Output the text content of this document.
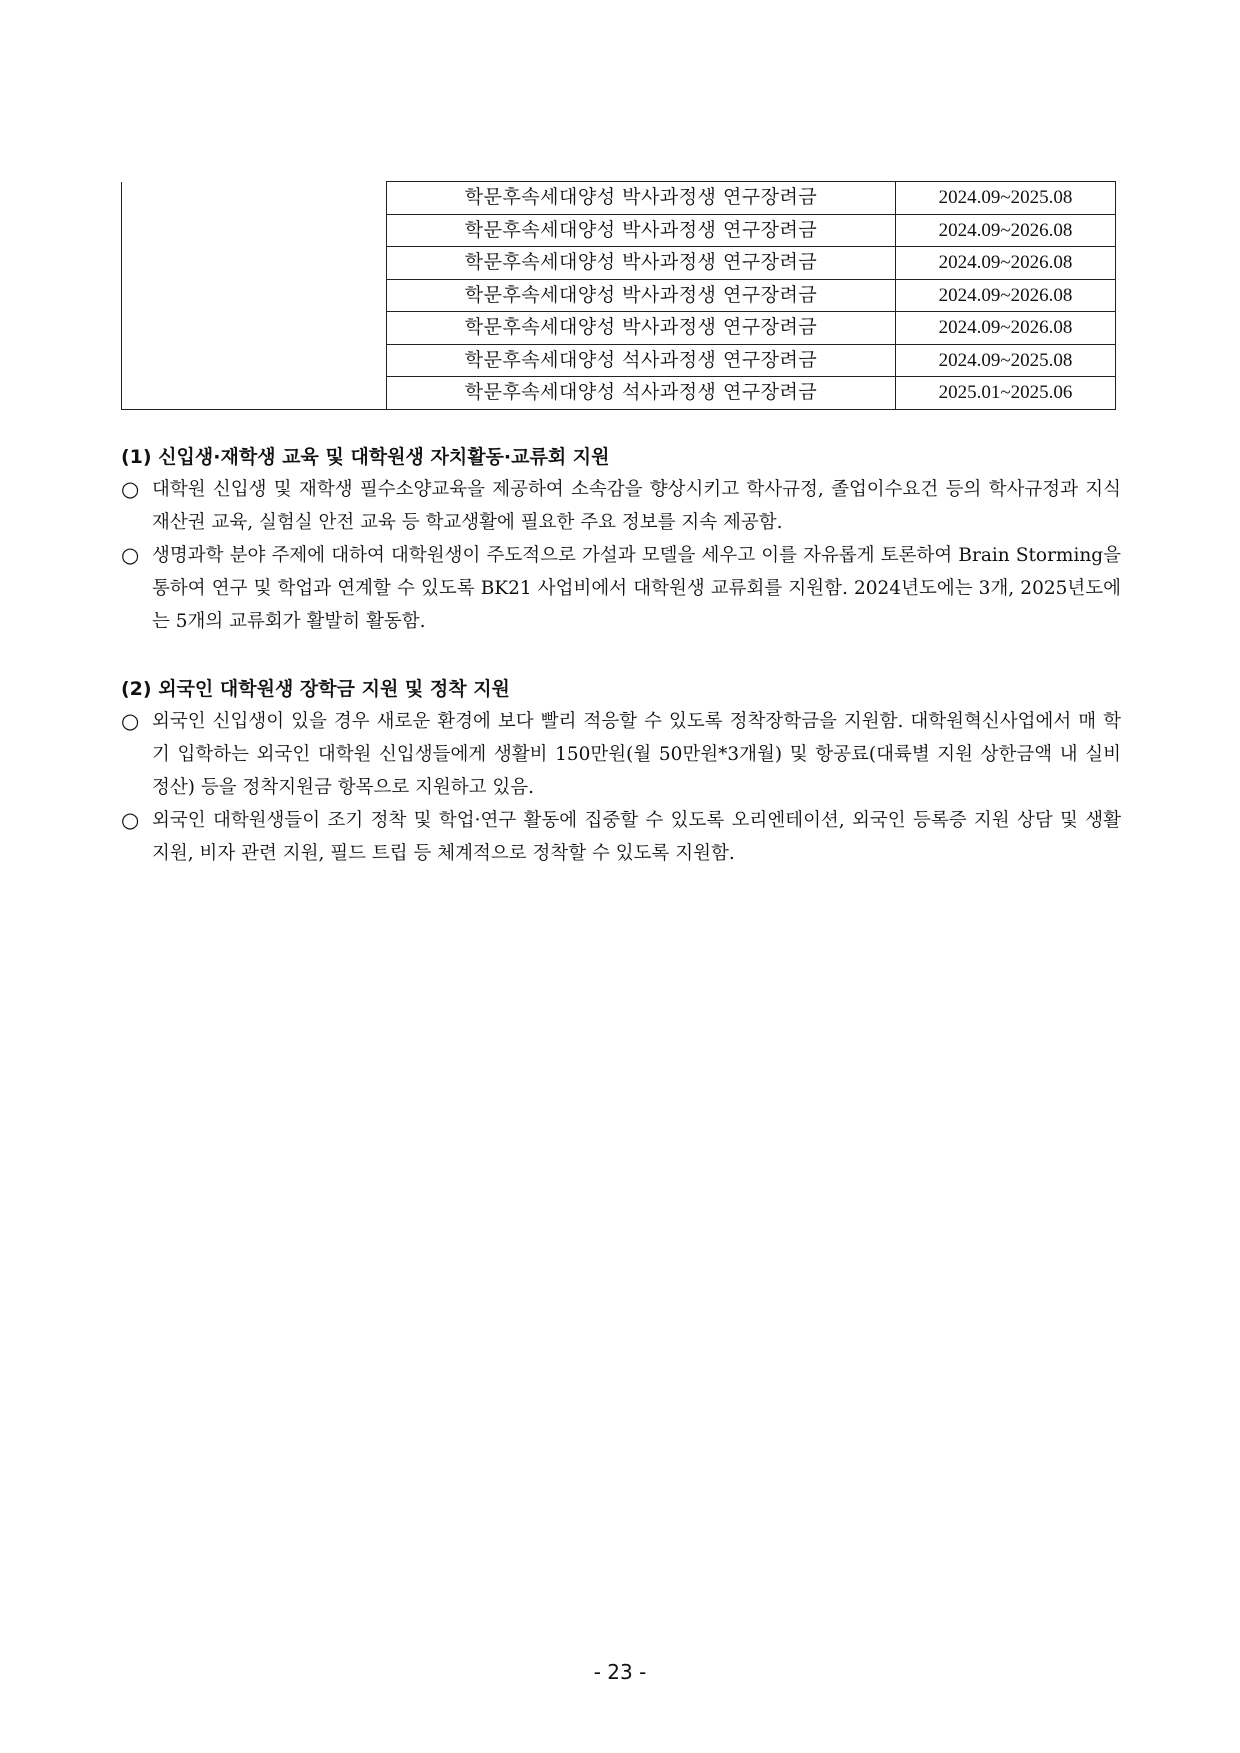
	학문후속세대양성 박사과정생 연구장려금	2024.09~2025.08

	학문후속세대양성 박사과정생 연구장려금	2024.09~2026.08

	학문후속세대양성 박사과정생 연구장려금	2024.09~2026.08

	학문후속세대양성 박사과정생 연구장려금	2024.09~2026.08

	학문후속세대양성 박사과정생 연구장려금	2024.09~2026.08

	학문후속세대양성 석사과정생 연구장려금	2024.09~2025.08

	학문후속세대양성 석사과정생 연구장려금	2025.01~2025.06

(1) 신입생·재학생 교육 및 대학원생 자치활동·교류회 지원

○ 대학원 신입생 및 재학생 필수소양교육을 제공하여 소속감을 향상시키고 학사규정, 졸업이수요건 등의 학사규정과 지식재산권 교육, 실험실 안전 교육 등 학교생활에 필요한 주요 정보를 지속 제공함.
○ 생명과학 분야 주제에 대하여 대학원생이 주도적으로 가설과 모델을 세우고 이를 자유롭게 토론하여 Brain Storming을 통하여 연구 및 학업과 연계할 수 있도록 BK21 사업비에서 대학원생 교류회를 지원함. 2024년도에는 3개, 2025년도에는 5개의 교류회가 활발히 활동함.

(2) 외국인 대학원생 장학금 지원 및 정착 지원

○ 외국인 신입생이 있을 경우 새로운 환경에 보다 빨리 적응할 수 있도록 정착장학금을 지원함. 대학원혁신사업에서 매 학기 입학하는 외국인 대학원 신입생들에게 생활비 150만원(월 50만원*3개월) 및 항공료(대륙별 지원 상한금액 내 실비 정산) 등을 정착지원금 항목으로 지원하고 있음.
○ 외국인 대학원생들이 조기 정착 및 학업·연구 활동에 집중할 수 있도록 오리엔테이션, 외국인 등록증 지원 상담 및 생활 지원, 비자 관련 지원, 필드 트립 등 체계적으로 정착할 수 있도록 지원함.
- 23 -
